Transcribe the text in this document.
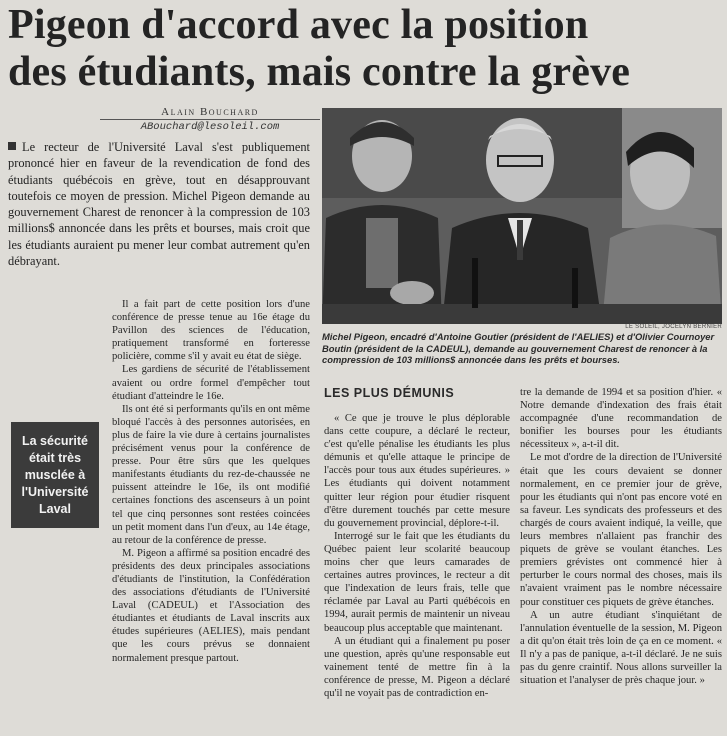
Pigeon d'accord avec la position
des étudiants, mais contre la grève
Alain Bouchard
ABouchard@lesoleil.com
Le recteur de l'Université Laval s'est publiquement prononcé hier en faveur de la revendication de fond des étudiants québécois en grève, tout en désapprouvant toutefois ce moyen de pression. Michel Pigeon demande au gouvernement Charest de renoncer à la compression de 103 millions$ annoncée dans les prêts et bourses, mais croit que les étudiants auraient pu mener leur combat autrement qu'en débrayant.
La sécurité était très musclée à l'Université Laval

Il a fait part de cette position lors d'une conférence de presse tenue au 16e étage du Pavillon des sciences de l'éducation, pratiquement transformé en forteresse policière, comme s'il y avait eu état de siège.

Les gardiens de sécurité de l'établissement avaient ou ordre formel d'empêcher tout étudiant d'atteindre le 16e.

Ils ont été si performants qu'ils en ont même bloqué l'accès à des personnes autorisées, en plus de faire la vie dure à certains journalistes précisément venus pour la conférence de presse. Pour être sûrs que les quelques manifestants étudiants du rez-de-chaussée ne puissent atteindre le 16e, ils ont modifié certaines fonctions des ascenseurs à un point tel que cinq personnes sont restées coincées un petit moment dans l'un d'eux, au 14e étage, au retour de la conférence de presse.

M. Pigeon a affirmé sa position encadré des présidents des deux principales associations d'étudiants de l'institution, la Confédération des associations d'étudiants de l'Université Laval (CADEUL) et l'Association des étudiantes et étudiants de Laval inscrits aux études supérieures (AELIES), mais pendant que les cours prévus se donnaient normalement presque partout.

LE SOLEIL, JOCELYN BERNIER
Michel Pigeon, encadré d'Antoine Goutier (président de l'AELIES) et d'Olivier Cournoyer Boutin (président de la CADEUL), demande au gouvernement Charest de renoncer à la compression de 103 millions$ annoncée dans les prêts et bourses.
LES PLUS DÉMUNIS

« Ce que je trouve le plus déplorable dans cette coupure, a déclaré le recteur, c'est qu'elle pénalise les étudiants les plus démunis et qu'elle attaque le principe de l'accès pour tous aux études supérieures. » Les étudiants qui doivent notamment quitter leur région pour étudier risquent d'être durement touchés par cette mesure du gouvernement provincial, déplore-t-il.

Interrogé sur le fait que les étudiants du Québec paient leur scolarité beaucoup moins cher que leurs camarades de certaines autres provinces, le recteur a dit que l'indexation de leurs frais, telle que réclamée par Laval au Parti québécois en 1994, aurait permis de maintenir un niveau beaucoup plus acceptable que maintenant.

A un étudiant qui a finalement pu poser une question, après qu'une responsable eut vainement tenté de mettre fin à la conférence de presse, M. Pigeon a déclaré qu'il ne voyait pas de contradiction en-

tre la demande de 1994 et sa position d'hier. « Notre demande d'indexation des frais était accompagnée d'une recommandation de bonifier les bourses pour les étudiants nécessiteux », a-t-il dit.

Le mot d'ordre de la direction de l'Université était que les cours devaient se donner normalement, en ce premier jour de grève, pour les étudiants qui n'ont pas encore voté en sa faveur. Les syndicats des professeurs et des chargés de cours avaient indiqué, la veille, que leurs membres n'allaient pas franchir des piquets de grève se voulant étanches. Les premiers grévistes ont commencé hier à perturber le cours normal des choses, mais ils n'avaient vraiment pas le nombre nécessaire pour constituer ces piquets de grève étanches.

A un autre étudiant s'inquiétant de l'annulation éventuelle de la session, M. Pigeon a dit qu'on était très loin de ça en ce moment. « Il n'y a pas de panique, a-t-il déclaré. Je ne suis pas du genre craintif. Nous allons surveiller la situation et l'analyser de près chaque jour. »
